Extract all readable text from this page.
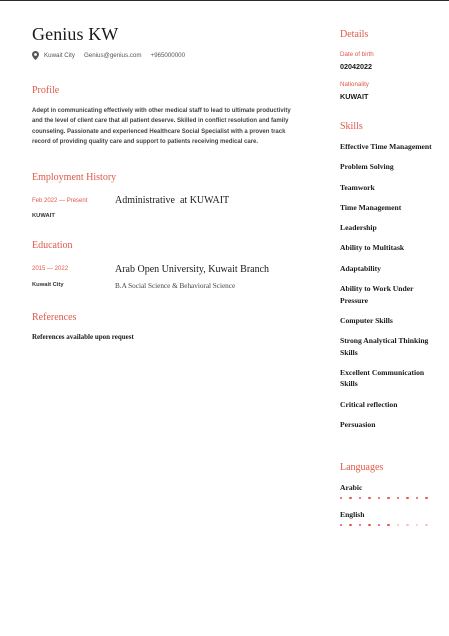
Genius KW
Kuwait City Genius@genius.com +965000000
Profile
Adept in communicating effectively with other medical staff to lead to ultimate productivity and the level of client care that all patient deserve. Skilled in conflict resolution and family counseling. Passionate and experienced Healthcare Social Specialist with a proven track record of providing quality care and support to patients receiving medical care.
Employment History
Feb 2022 — Present	Administrative  at KUWAIT
KUWAIT
Education
2015 — 2022	Arab Open University, Kuwait Branch
Kuwait City	B.A Social Science & Behavioral Science
References
References available upon request
Details
Date of birth
02042022
Nationality
KUWAIT
Skills
Effective Time Management
Problem Solving
Teamwork
Time Management
Leadership
Ability to Multitask
Adaptability
Ability to Work Under Pressure
Computer Skills
Strong Analytical Thinking Skills
Excellent Communication Skills
Critical reflection
Persuasion
Languages
Arabic
English
